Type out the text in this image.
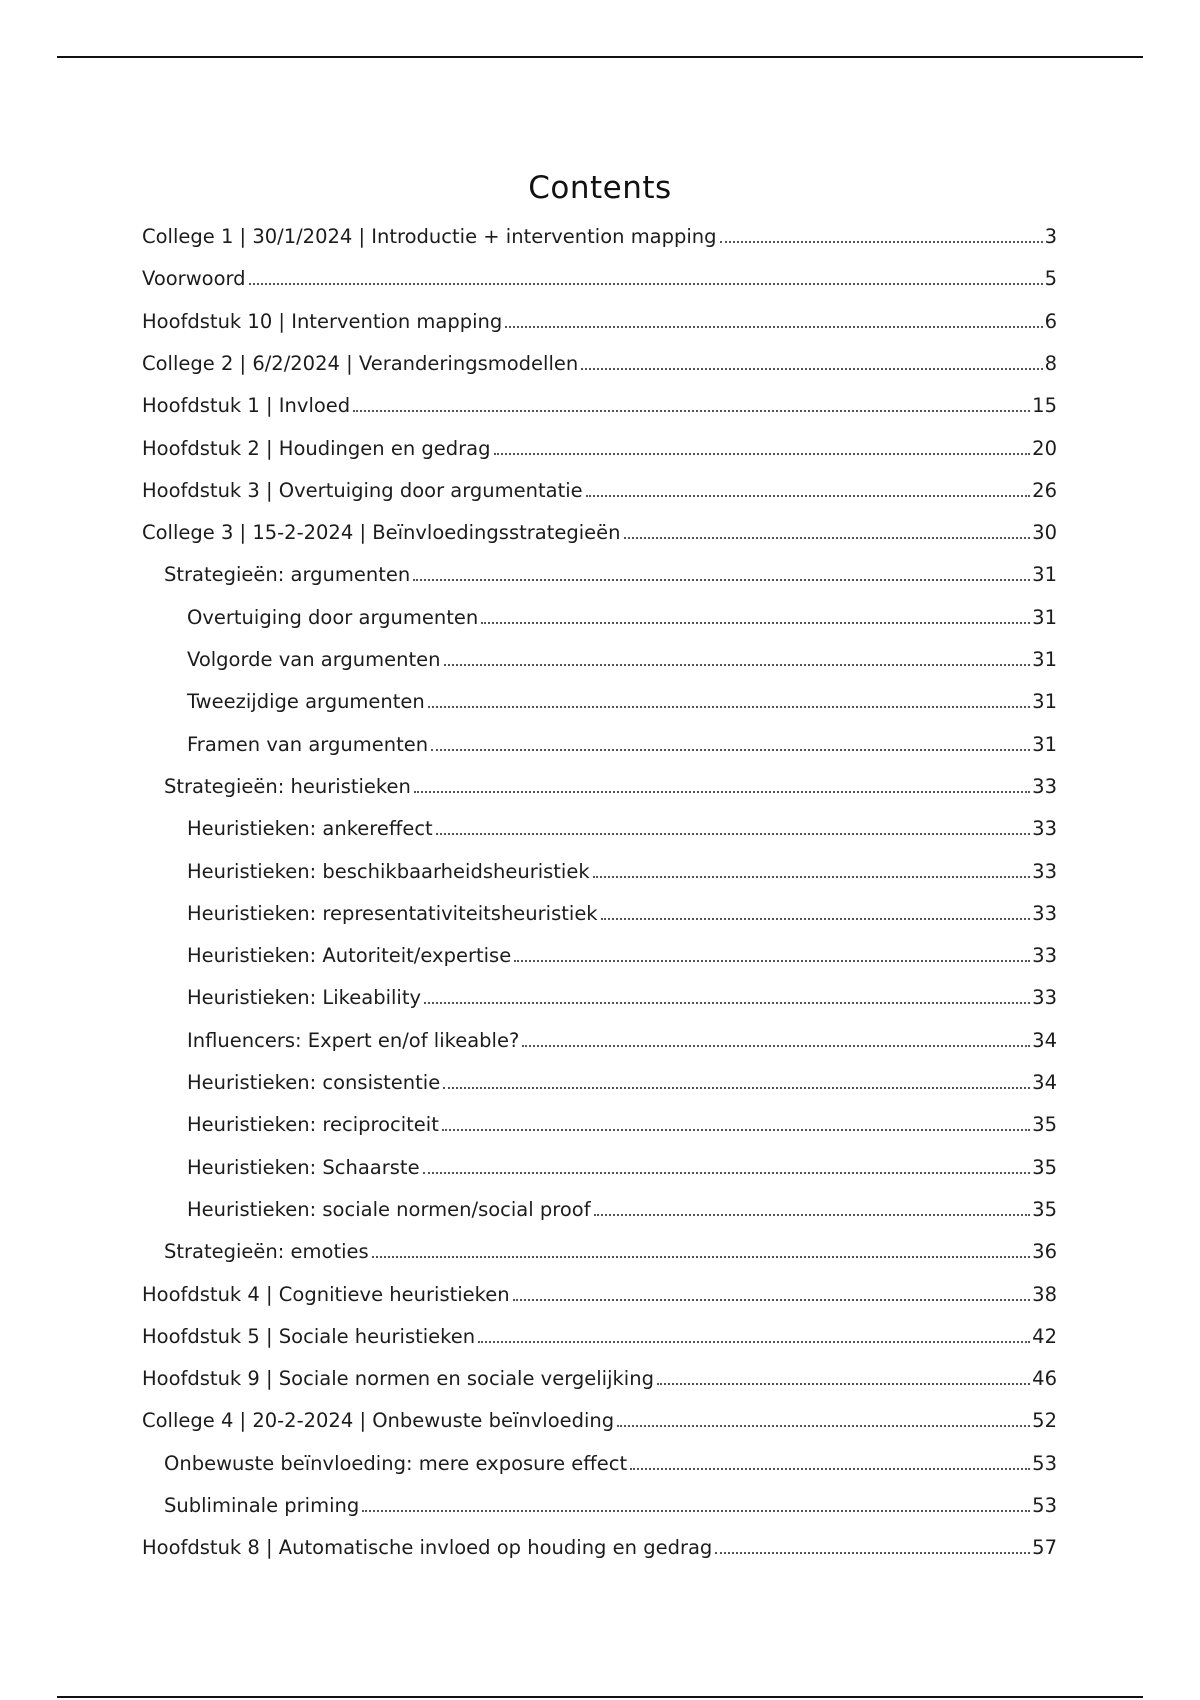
Contents
College 1 | 30/1/2024 | Introductie + intervention mapping	3
Voorwoord	5
Hoofdstuk 10 | Intervention mapping	6
College 2 | 6/2/2024 | Veranderingsmodellen	8
Hoofdstuk 1 | Invloed	15
Hoofdstuk 2 | Houdingen en gedrag	20
Hoofdstuk 3 | Overtuiging door argumentatie	26
College 3 | 15-2-2024 | Beïnvloedingsstrategieën	30
Strategieën: argumenten	31
Overtuiging door argumenten	31
Volgorde van argumenten	31
Tweezijdige argumenten	31
Framen van argumenten	31
Strategieën: heuristieken	33
Heuristieken: ankereffect	33
Heuristieken: beschikbaarheidsheuristiek	33
Heuristieken: representativiteitsheuristiek	33
Heuristieken: Autoriteit/expertise	33
Heuristieken: Likeability	33
Influencers: Expert en/of likeable?	34
Heuristieken: consistentie	34
Heuristieken: reciprociteit	35
Heuristieken: Schaarste	35
Heuristieken: sociale normen/social proof	35
Strategieën: emoties	36
Hoofdstuk 4 | Cognitieve heuristieken	38
Hoofdstuk 5 | Sociale heuristieken	42
Hoofdstuk 9 | Sociale normen en sociale vergelijking	46
College 4 | 20-2-2024 | Onbewuste beïnvloeding	52
Onbewuste beïnvloeding: mere exposure effect	53
Subliminale priming	53
Hoofdstuk 8 | Automatische invloed op houding en gedrag	57
